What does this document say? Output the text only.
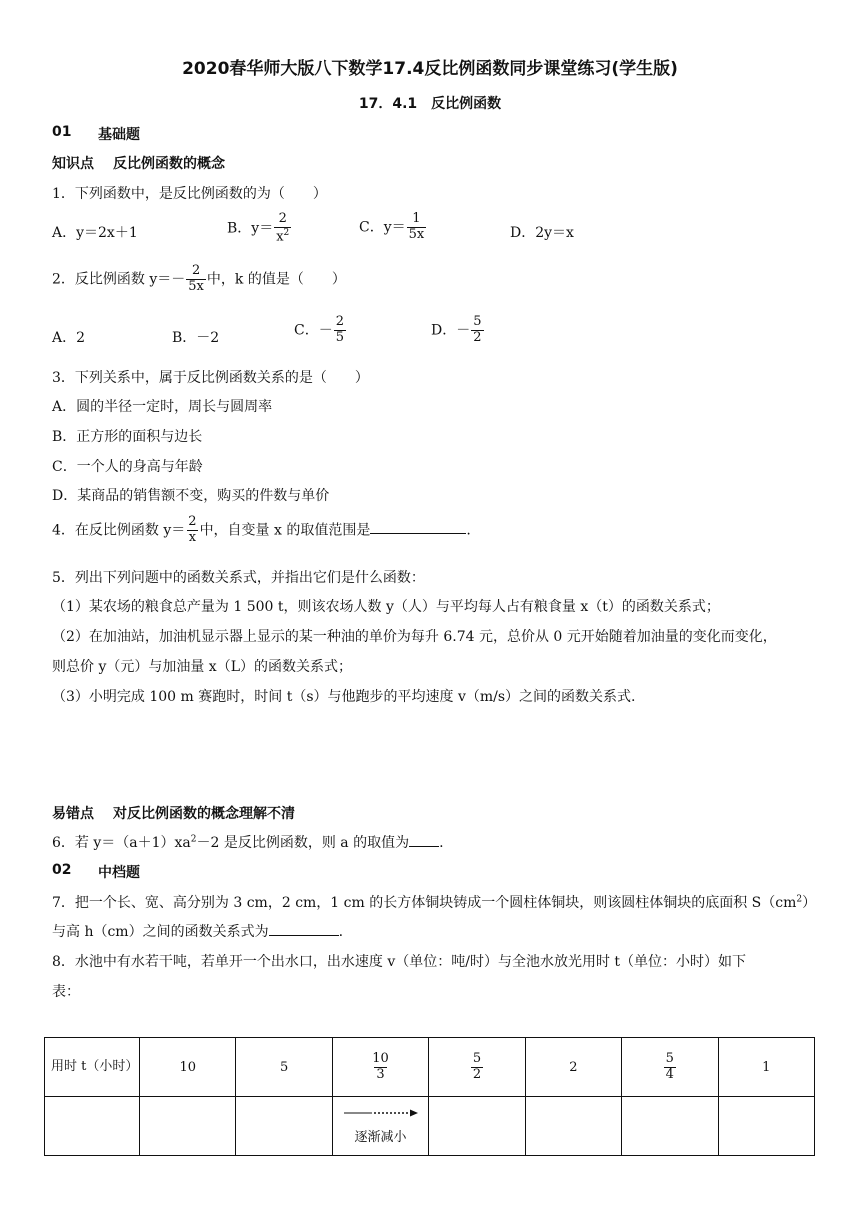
2020春华师大版八下数学17.4反比例函数同步课堂练习(学生版)
17．4.1　反比例函数
01 基础题
知识点 反比例函数的概念
1．下列函数中，是反比例函数的为（　　）
A．y＝2x＋1	B．$y= \frac{2}{x^2}$	C．$y= \frac{1}{5x}$	D．2y＝x
2．反比例函数 $y=- \frac{2}{5x}$ 中，k 的值是（　　）
A．2	B．－2	C．－ $\frac{2}{5}$	D．－ $\frac{5}{2}$
3．下列关系中，属于反比例函数关系的是（　　）
A．圆的半径一定时，周长与圆周率
B．正方形的面积与边长
C．一个人的身高与年龄
D．某商品的销售额不变，购买的件数与单价
4．在反比例函数 $y= \frac{2}{x}$ 中，自变量 x 的取值范围是	.
5．列出下列问题中的函数关系式，并指出它们是什么函数：
（1）某农场的粮食总产量为 1 500 t，则该农场人数 y（人）与平均每人占有粮食量 x（t）的函数关系式；
（2）在加油站，加油机显示器上显示的某一种油的单价为每升 6.74 元，总价从 0 元开始随着加油量的变化而变化，
则总价 y（元）与加油量 x（L）的函数关系式；
（3）小明完成 100 m 赛跑时，时间 t（s）与他跑步的平均速度 v（m/s）之间的函数关系式.
易错点 对反比例函数的概念理解不清
6．若 $y=(a+1)xa^2-2$ 是反比例函数，则 a 的取值为 .
02 中档题
7．把一个长、宽、高分别为 3 cm，2 cm，1 cm 的长方体铜块铸成一个圆柱体铜块，则该圆柱体铜块的底面积 $S(cm^2)$
与高 h（cm）之间的函数关系式为	.
8．水池中有水若干吨，若单开一个出水口，出水速度 v（单位：吨/时）与全池水放光用时 t（单位：小时）如下
表：
用时 t（小时）	10	5	$\frac{10}{3}$	$\frac{5}{2}$	2	$\frac{5}{4}$	1

			逐渐减小				
